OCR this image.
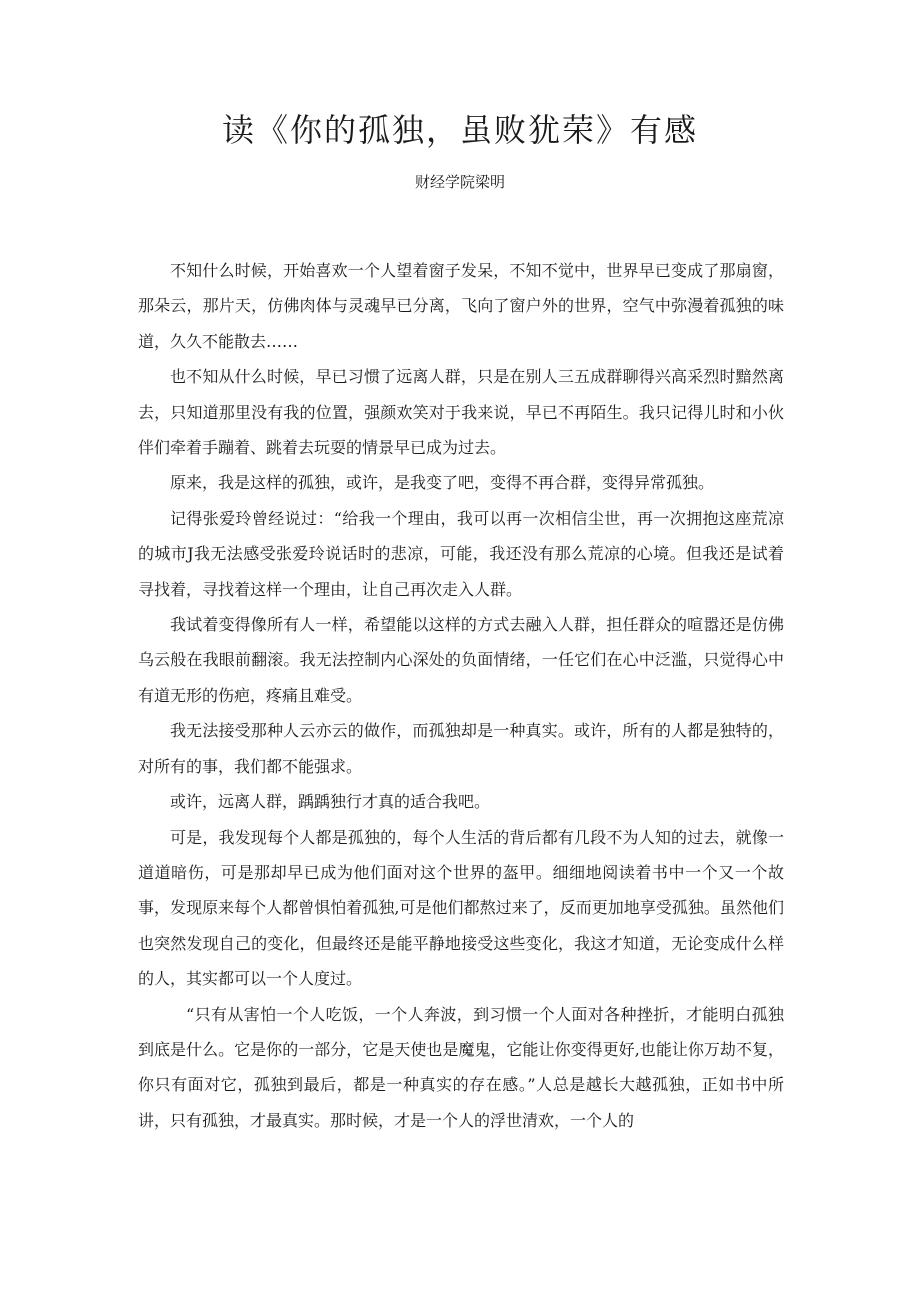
读《你的孤独，虽败犹荣》有感
财经学院梁明

不知什么时候，开始喜欢一个人望着窗子发呆，不知不觉中，世界早已变成了那扇窗，那朵云，那片天，仿佛肉体与灵魂早已分离，飞向了窗户外的世界，空气中弥漫着孤独的味道，久久不能散去……

也不知从什么时候，早已习惯了远离人群，只是在别人三五成群聊得兴高采烈时黯然离去，只知道那里没有我的位置，强颜欢笑对于我来说，早已不再陌生。我只记得儿时和小伙伴们牵着手蹦着、跳着去玩耍的情景早已成为过去。

原来，我是这样的孤独，或许，是我变了吧，变得不再合群，变得异常孤独。

记得张爱玲曾经说过：“给我一个理由，我可以再一次相信尘世，再一次拥抱这座荒凉的城市J我无法感受张爱玲说话时的悲凉，可能，我还没有那么荒凉的心境。但我还是试着寻找着，寻找着这样一个理由，让自己再次走入人群。

我试着变得像所有人一样，希望能以这样的方式去融入人群，担任群众的喧嚣还是仿佛乌云般在我眼前翻滚。我无法控制内心深处的负面情绪，一任它们在心中泛滥，只觉得心中有道无形的伤疤，疼痛且难受。

我无法接受那种人云亦云的做作，而孤独却是一种真实。或许，所有的人都是独特的，对所有的事，我们都不能强求。

或许，远离人群，踽踽独行才真的适合我吧。

可是，我发现每个人都是孤独的，每个人生活的背后都有几段不为人知的过去，就像一道道暗伤，可是那却早已成为他们面对这个世界的盔甲。细细地阅读着书中一个又一个故事，发现原来每个人都曾惧怕着孤独,可是他们都熬过来了，反而更加地享受孤独。虽然他们也突然发现自己的变化，但最终还是能平静地接受这些变化，我这才知道，无论变成什么样的人，其实都可以一个人度过。

“只有从害怕一个人吃饭，一个人奔波，到习惯一个人面对各种挫折，才能明白孤独到底是什么。它是你的一部分，它是天使也是魔鬼，它能让你变得更好,也能让你万劫不复，你只有面对它，孤独到最后，都是一种真实的存在感。”人总是越长大越孤独，正如书中所讲，只有孤独，才最真实。那时候，才是一个人的浮世清欢，一个人的
